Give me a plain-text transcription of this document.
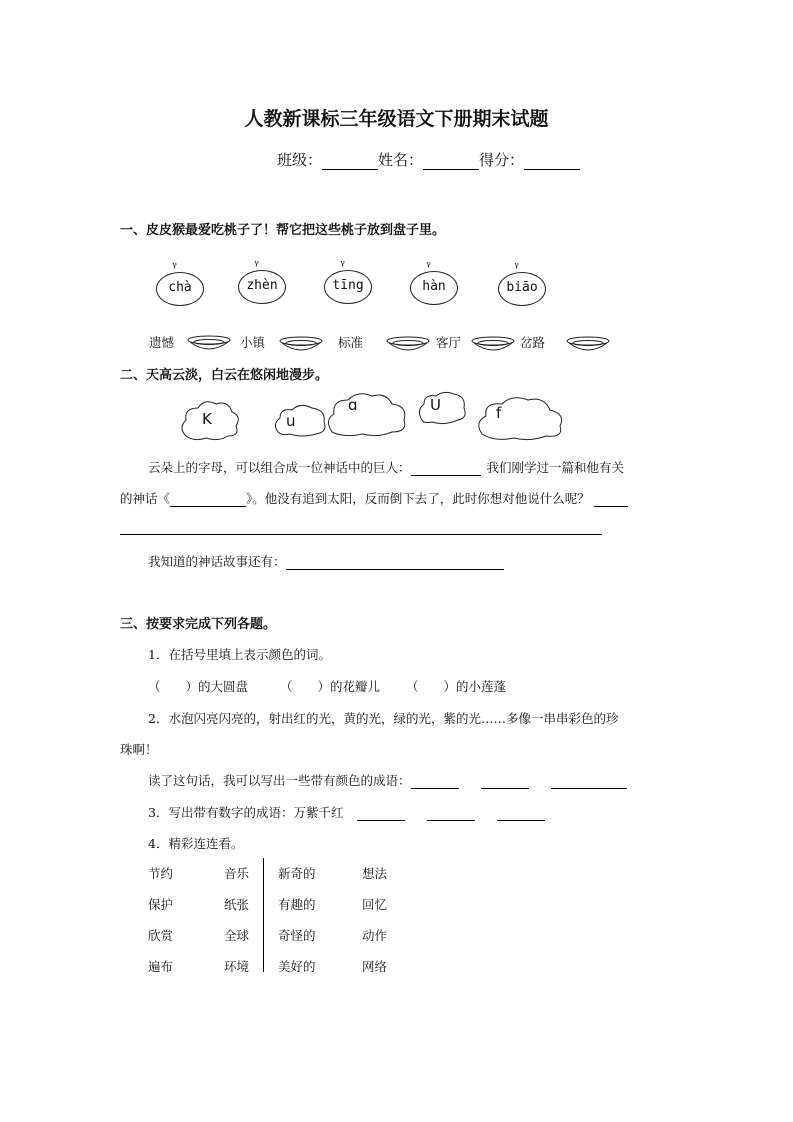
人教新课标三年级语文下册期末试题
班级：	姓名：	得分：
一、皮皮猴最爱吃桃子了！帮它把这些桃子放到盘子里。
ᵞ
chà
ᵞ
zhèn
ᵞ
tīng
ᵞ
hàn
ᵞ
biāo
遗憾	小镇	标准	客厅	岔路
二、天高云淡，白云在悠闲地漫步。
K	u
ɑ	U	f
云朵上的字母，可以组合成一位神话中的巨人：	我们刚学过一篇和他有关
的神话《	》。他没有追到太阳，反而倒下去了，此时你想对他说什么呢？
我知道的神话故事还有：
三、按要求完成下列各题。
1．在括号里填上表示颜色的词。
（　　）的大圆盘	（　　）的花瓣儿 （　　）的小莲蓬
2．水泡闪亮闪亮的，射出红的光，黄的光，绿的光，紫的光……多像一串串彩色的珍
珠啊！
读了这句话，我可以写出一些带有颜色的成语：
3．写出带有数字的成语：万紫千红
4．精彩连连看。
节约	音乐 新奇的	想法
保护	纸张 有趣的	回忆
欣赏	全球 奇怪的	动作
遍布	环境 美好的	网络
